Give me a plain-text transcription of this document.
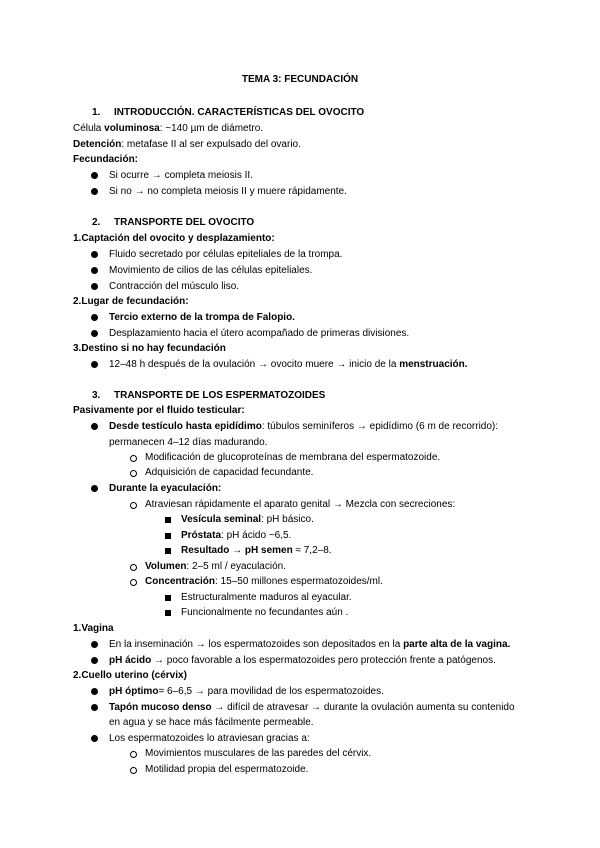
TEMA 3: FECUNDACIÓN
1. INTRODUCCIÓN. CARACTERÍSTICAS DEL OVOCITO
Célula voluminosa: ~140 µm de diámetro.
Detención: metafase II al ser expulsado del ovario.
Fecundación:
Si ocurre → completa meiosis II.
Si no → no completa meiosis II y muere rápidamente.
2. TRANSPORTE DEL OVOCITO
1.Captación del ovocito y desplazamiento:
Fluido secretado por células epiteliales de la trompa.
Movimiento de cilios de las células epiteliales.
Contracción del músculo liso.
2.Lugar de fecundación:
Tercio externo de la trompa de Falopio.
Desplazamiento hacia el útero acompañado de primeras divisiones.
3.Destino si no hay fecundación
12–48 h después de la ovulación → ovocito muere → inicio de la menstruación.
3. TRANSPORTE DE LOS ESPERMATOZOIDES
Pasivamente por el fluido testicular:
Desde testículo hasta epidídimo: túbulos seminíferos → epidídimo (6 m de recorrido):
permanecen 4–12 días madurando.
Modificación de glucoproteínas de membrana del espermatozoide.
Adquisición de capacidad fecundante.
Durante la eyaculación:
Atraviesan rápidamente el aparato genital → Mezcla con secreciones:
Vesícula seminal: pH básico.
Próstata: pH ácido ~6,5.
Resultado → pH semen ≈ 7,2–8.
Volumen: 2–5 ml / eyaculación.
Concentración: 15–50 millones espermatozoides/ml.
Estructuralmente maduros al eyacular.
Funcionalmente no fecundantes aún .
1.Vagina
En la inseminación → los espermatozoides son depositados en la parte alta de la vagina.
pH ácido → poco favorable a los espermatozoides pero protección frente a patógenos.
2.Cuello uterino (cérvix)
pH óptimo= 6–6,5 → para movilidad de los espermatozoides.
Tapón mucoso denso → difícil de atravesar → durante la ovulación aumenta su contenido
en agua y se hace más fácilmente permeable.
Los espermatozoides lo atraviesan gracias a:
Movimientos musculares de las paredes del cérvix.
Motilidad propia del espermatozoide.
